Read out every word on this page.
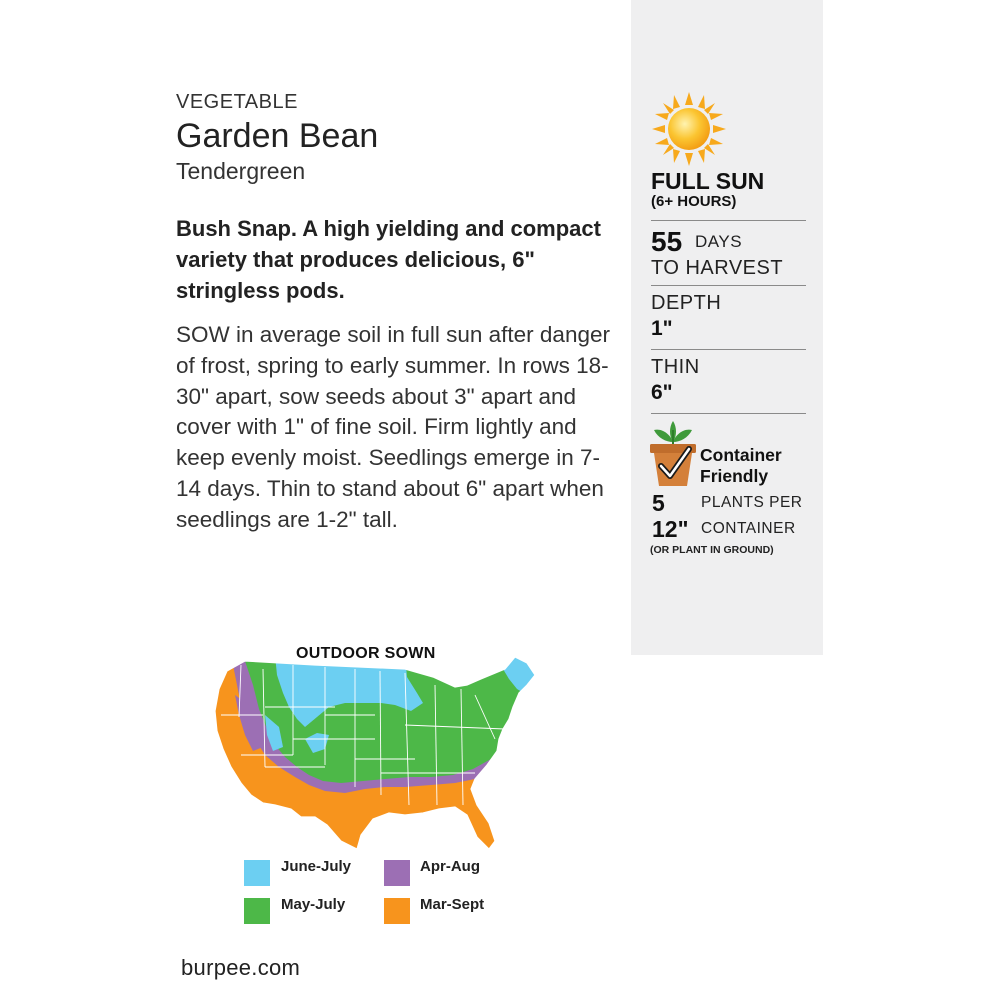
VEGETABLE
Garden Bean
Tendergreen
Bush Snap. A high yielding and compact variety that produces delicious, 6" stringless pods.
SOW in average soil in full sun after danger of frost, spring to early summer. In rows 18-30" apart, sow seeds about 3" apart and cover with 1" of fine soil. Firm lightly and keep evenly moist. Seedlings emerge in 7-14 days. Thin to stand about 6" apart when seedlings are 1-2" tall.
FULL SUN
(6+ HOURS)
55 DAYS
TO HARVEST
DEPTH
1"
THIN
6"
Container
Friendly
5 PLANTS PER
12" CONTAINER
(OR PLANT IN GROUND)
OUTDOOR SOWN
June-July	Apr-Aug
May-July	Mar-Sept
burpee.com
